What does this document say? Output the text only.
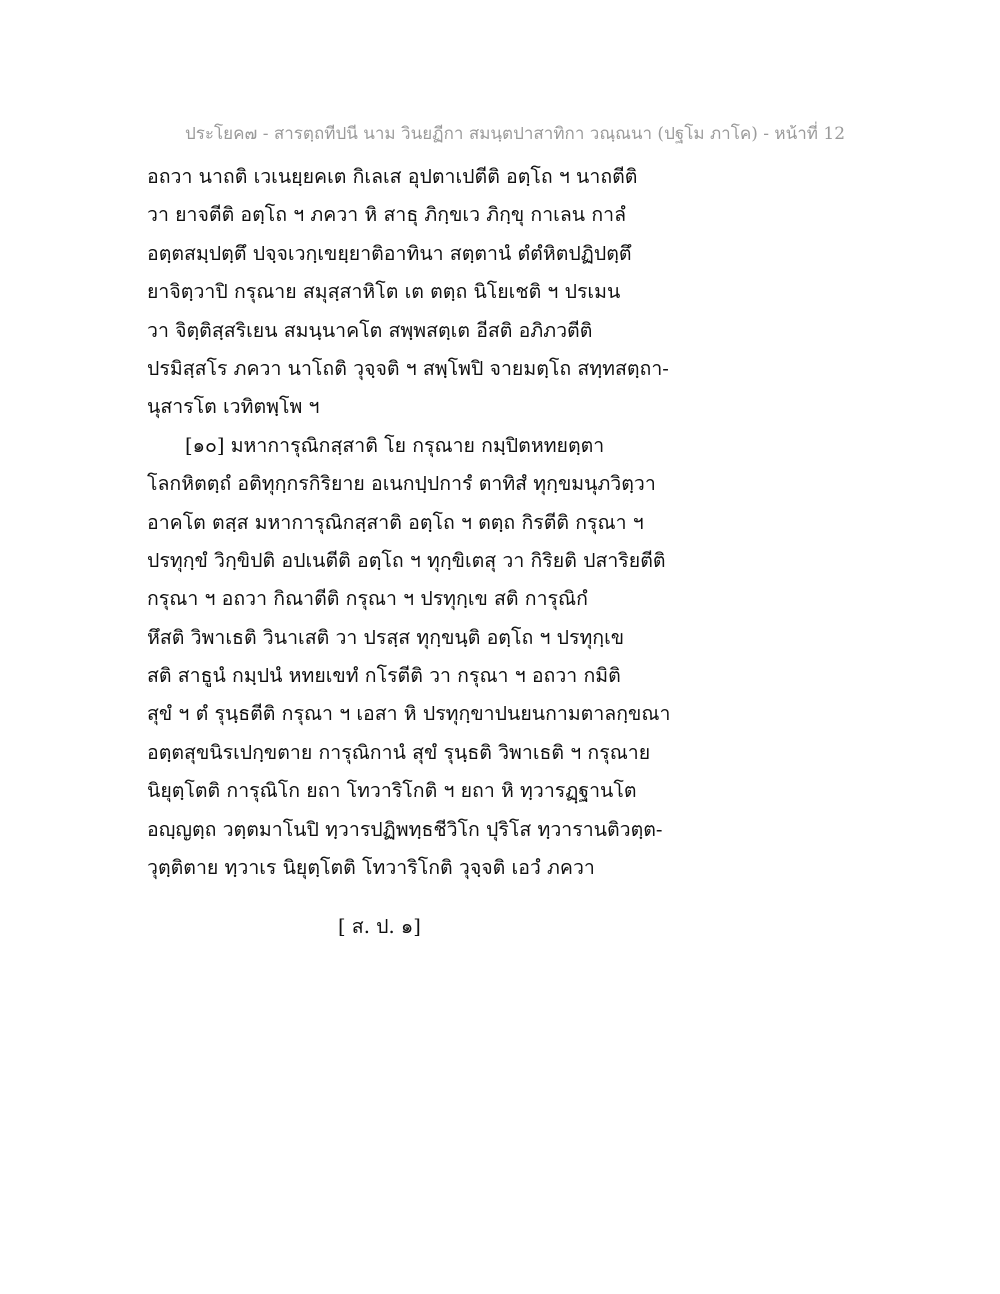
ประโยค๗ - สารตฺถทีปนี นาม วินยฏีกา สมนฺตปาสาทิกา วณฺณนา (ปฐโม ภาโค) - หน้าที่ 12
อถวา นาถติ เวเนยฺยคเต กิเลเส อุปตาเปตีติ อตฺโถ ฯ นาถตีติ
วา ยาจตีติ อตฺโถ ฯ ภควา หิ สาธุ ภิกฺขเว ภิกฺขุ กาเลน กาลํ
อตฺตสมฺปตฺตึ ปจฺจเวกฺเขยฺยาติอาทินา สตฺตานํ ตํตํหิตปฏิปตฺตึ
ยาจิตฺวาปิ กรุณาย สมุสฺสาหิโต เต ตตฺถ นิโยเชติ ฯ ปรเมน
วา จิตฺติสฺสริเยน สมนฺนาคโต สพฺพสตฺเต อีสติ อภิภวตีติ
ปรมิสฺสโร ภควา นาโถติ วุจฺจติ ฯ สพฺโพปิ จายมตฺโถ สทฺทสตฺถา-
นุสารโต เวทิตพฺโพ ฯ
[๑๐] มหาการุณิกสฺสาติ โย กรุณาย กมฺปิตหทยตฺตา
โลกหิตตฺถํ อติทุกฺกรกิริยาย อเนกปฺปการํ ตาทิสํ ทุกฺขมนุภวิตฺวา
อาคโต ตสฺส มหาการุณิกสฺสาติ อตฺโถ ฯ ตตฺถ กิรตีติ กรุณา ฯ
ปรทุกฺขํ วิกฺขิปติ อปเนตีติ อตฺโถ ฯ ทุกฺขิเตสุ วา กิริยติ ปสาริยตีติ
กรุณา ฯ อถวา กิณาตีติ กรุณา ฯ ปรทุกฺเข สติ การุณิกํ
หึสติ วิพาเธติ วินาเสติ วา ปรสฺส ทุกฺขนฺติ อตฺโถ ฯ ปรทุกฺเข
สติ สาธูนํ กมฺปนํ หทยเขทํ กโรตีติ วา กรุณา ฯ อถวา กมิติ
สุขํ ฯ ตํ รุนฺธตีติ กรุณา ฯ เอสา หิ ปรทุกฺขาปนยนกามตาลกฺขณา
อตฺตสุขนิรเปกฺขตาย การุณิกานํ สุขํ รุนฺธติ วิพาเธติ ฯ กรุณาย
นิยุตฺโตติ การุณิโก ยถา โทวาริโกติ ฯ ยถา หิ ทฺวารฏฺฐานโต
อญฺญตฺถ วตฺตมาโนปิ ทฺวารปฏิพทฺธชีวิโก ปุริโส ทฺวารานติวตฺต-
วุตฺติตาย ทฺวาเร นิยุตฺโตติ โทวาริโกติ วุจฺจติ เอวํ ภควา
[ ส. ป. ๑]
